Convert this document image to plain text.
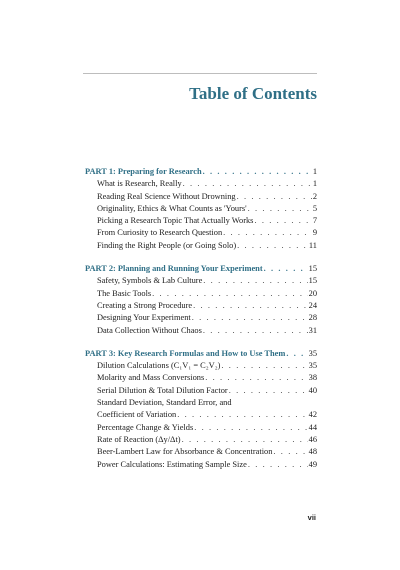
Table of Contents
PART 1: Preparing for Research . . .	1
What is Research, Really . . .	1
Reading Real Science Without Drowning . . .	2
Originality, Ethics & What Counts as 'Yours' . . .	5
Picking a Research Topic That Actually Works . . .	7
From Curiosity to Research Question . . .	9
Finding the Right People (or Going Solo) . . .	11
PART 2: Planning and Running Your Experiment . . .	15
Safety, Symbols & Lab Culture . . .	15
The Basic Tools . . .	20
Creating a Strong Procedure . . .	24
Designing Your Experiment . . .	28
Data Collection Without Chaos . . .	31
PART 3: Key Research Formulas and How to Use Them . . .	35
Dilution Calculations (C₁V₁ = C₂V₂) . . .	35
Molarity and Mass Conversions . . .	38
Serial Dilution & Total Dilution Factor . . .	40
Standard Deviation, Standard Error, and
Coefficient of Variation . . .	42
Percentage Change & Yields . . .	44
Rate of Reaction (Δy/Δt) . . .	46
Beer-Lambert Law for Absorbance & Concentration . . .	48
Power Calculations: Estimating Sample Size . . .	49
vii
